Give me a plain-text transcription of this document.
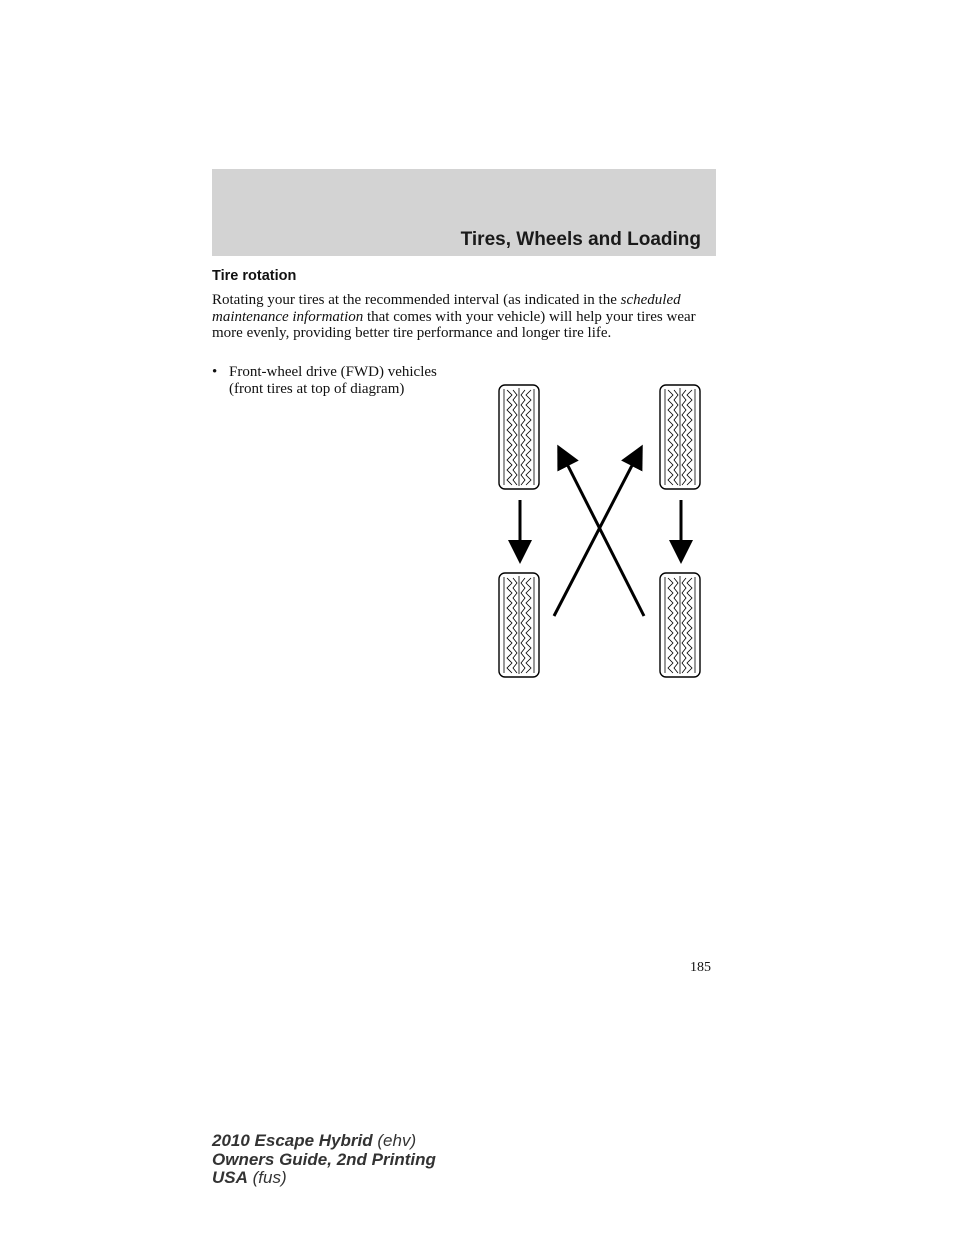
Tires, Wheels and Loading
Tire rotation
Rotating your tires at the recommended interval (as indicated in the scheduled maintenance information that comes with your vehicle) will help your tires wear more evenly, providing better tire performance and longer tire life.
• Front-wheel drive (FWD) vehicles (front tires at top of diagram)
185
2010 Escape Hybrid (ehv)
Owners Guide, 2nd Printing
USA (fus)
